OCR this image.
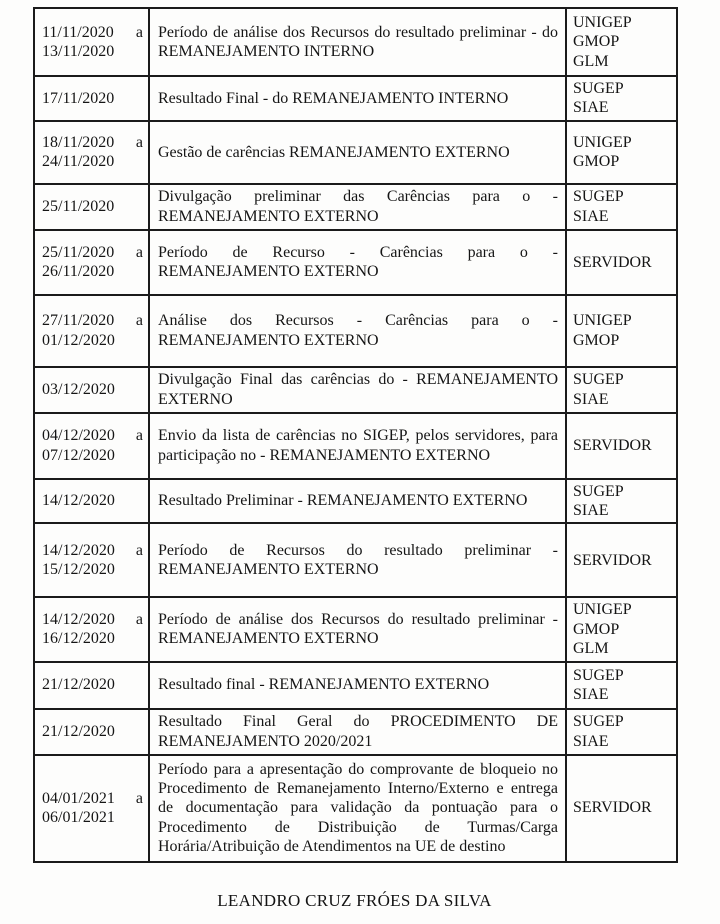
11/11/2020 a 13/11/2020	Período de análise dos Recursos do resultado preliminar - do REMANEJAMENTO INTERNO	UNIGEP
GMOP
GLM

17/11/2020	Resultado Final - do REMANEJAMENTO INTERNO	SUGEP
SIAE

18/11/2020 a 24/11/2020	Gestão de carências REMANEJAMENTO EXTERNO	UNIGEP
GMOP

25/11/2020	Divulgação preliminar das Carências para o - REMANEJAMENTO EXTERNO	SUGEP
SIAE

25/11/2020 a 26/11/2020	Período de Recurso - Carências para o - REMANEJAMENTO EXTERNO	SERVIDOR

27/11/2020 a 01/12/2020	Análise dos Recursos - Carências para o - REMANEJAMENTO EXTERNO	UNIGEP
GMOP

03/12/2020	Divulgação Final das carências do - REMANEJAMENTO EXTERNO	SUGEP
SIAE

04/12/2020 a 07/12/2020	Envio da lista de carências no SIGEP, pelos servidores, para participação no - REMANEJAMENTO EXTERNO	SERVIDOR

14/12/2020	Resultado Preliminar - REMANEJAMENTO EXTERNO	SUGEP
SIAE

14/12/2020 a 15/12/2020	Período de Recursos do resultado preliminar - REMANEJAMENTO EXTERNO	SERVIDOR

14/12/2020 a 16/12/2020	Período de análise dos Recursos do resultado preliminar - REMANEJAMENTO EXTERNO	UNIGEP
GMOP
GLM

21/12/2020	Resultado final - REMANEJAMENTO EXTERNO	SUGEP
SIAE

21/12/2020	Resultado Final Geral do PROCEDIMENTO DE REMANEJAMENTO 2020/2021	SUGEP
SIAE

04/01/2021 a 06/01/2021	Período para a apresentação do comprovante de bloqueio no Procedimento de Remanejamento Interno/Externo e entrega de documentação para validação da pontuação para o Procedimento de Distribuição de Turmas/Carga Horária/Atribuição de Atendimentos na UE de destino	SERVIDOR
LEANDRO CRUZ FRÓES DA SILVA
